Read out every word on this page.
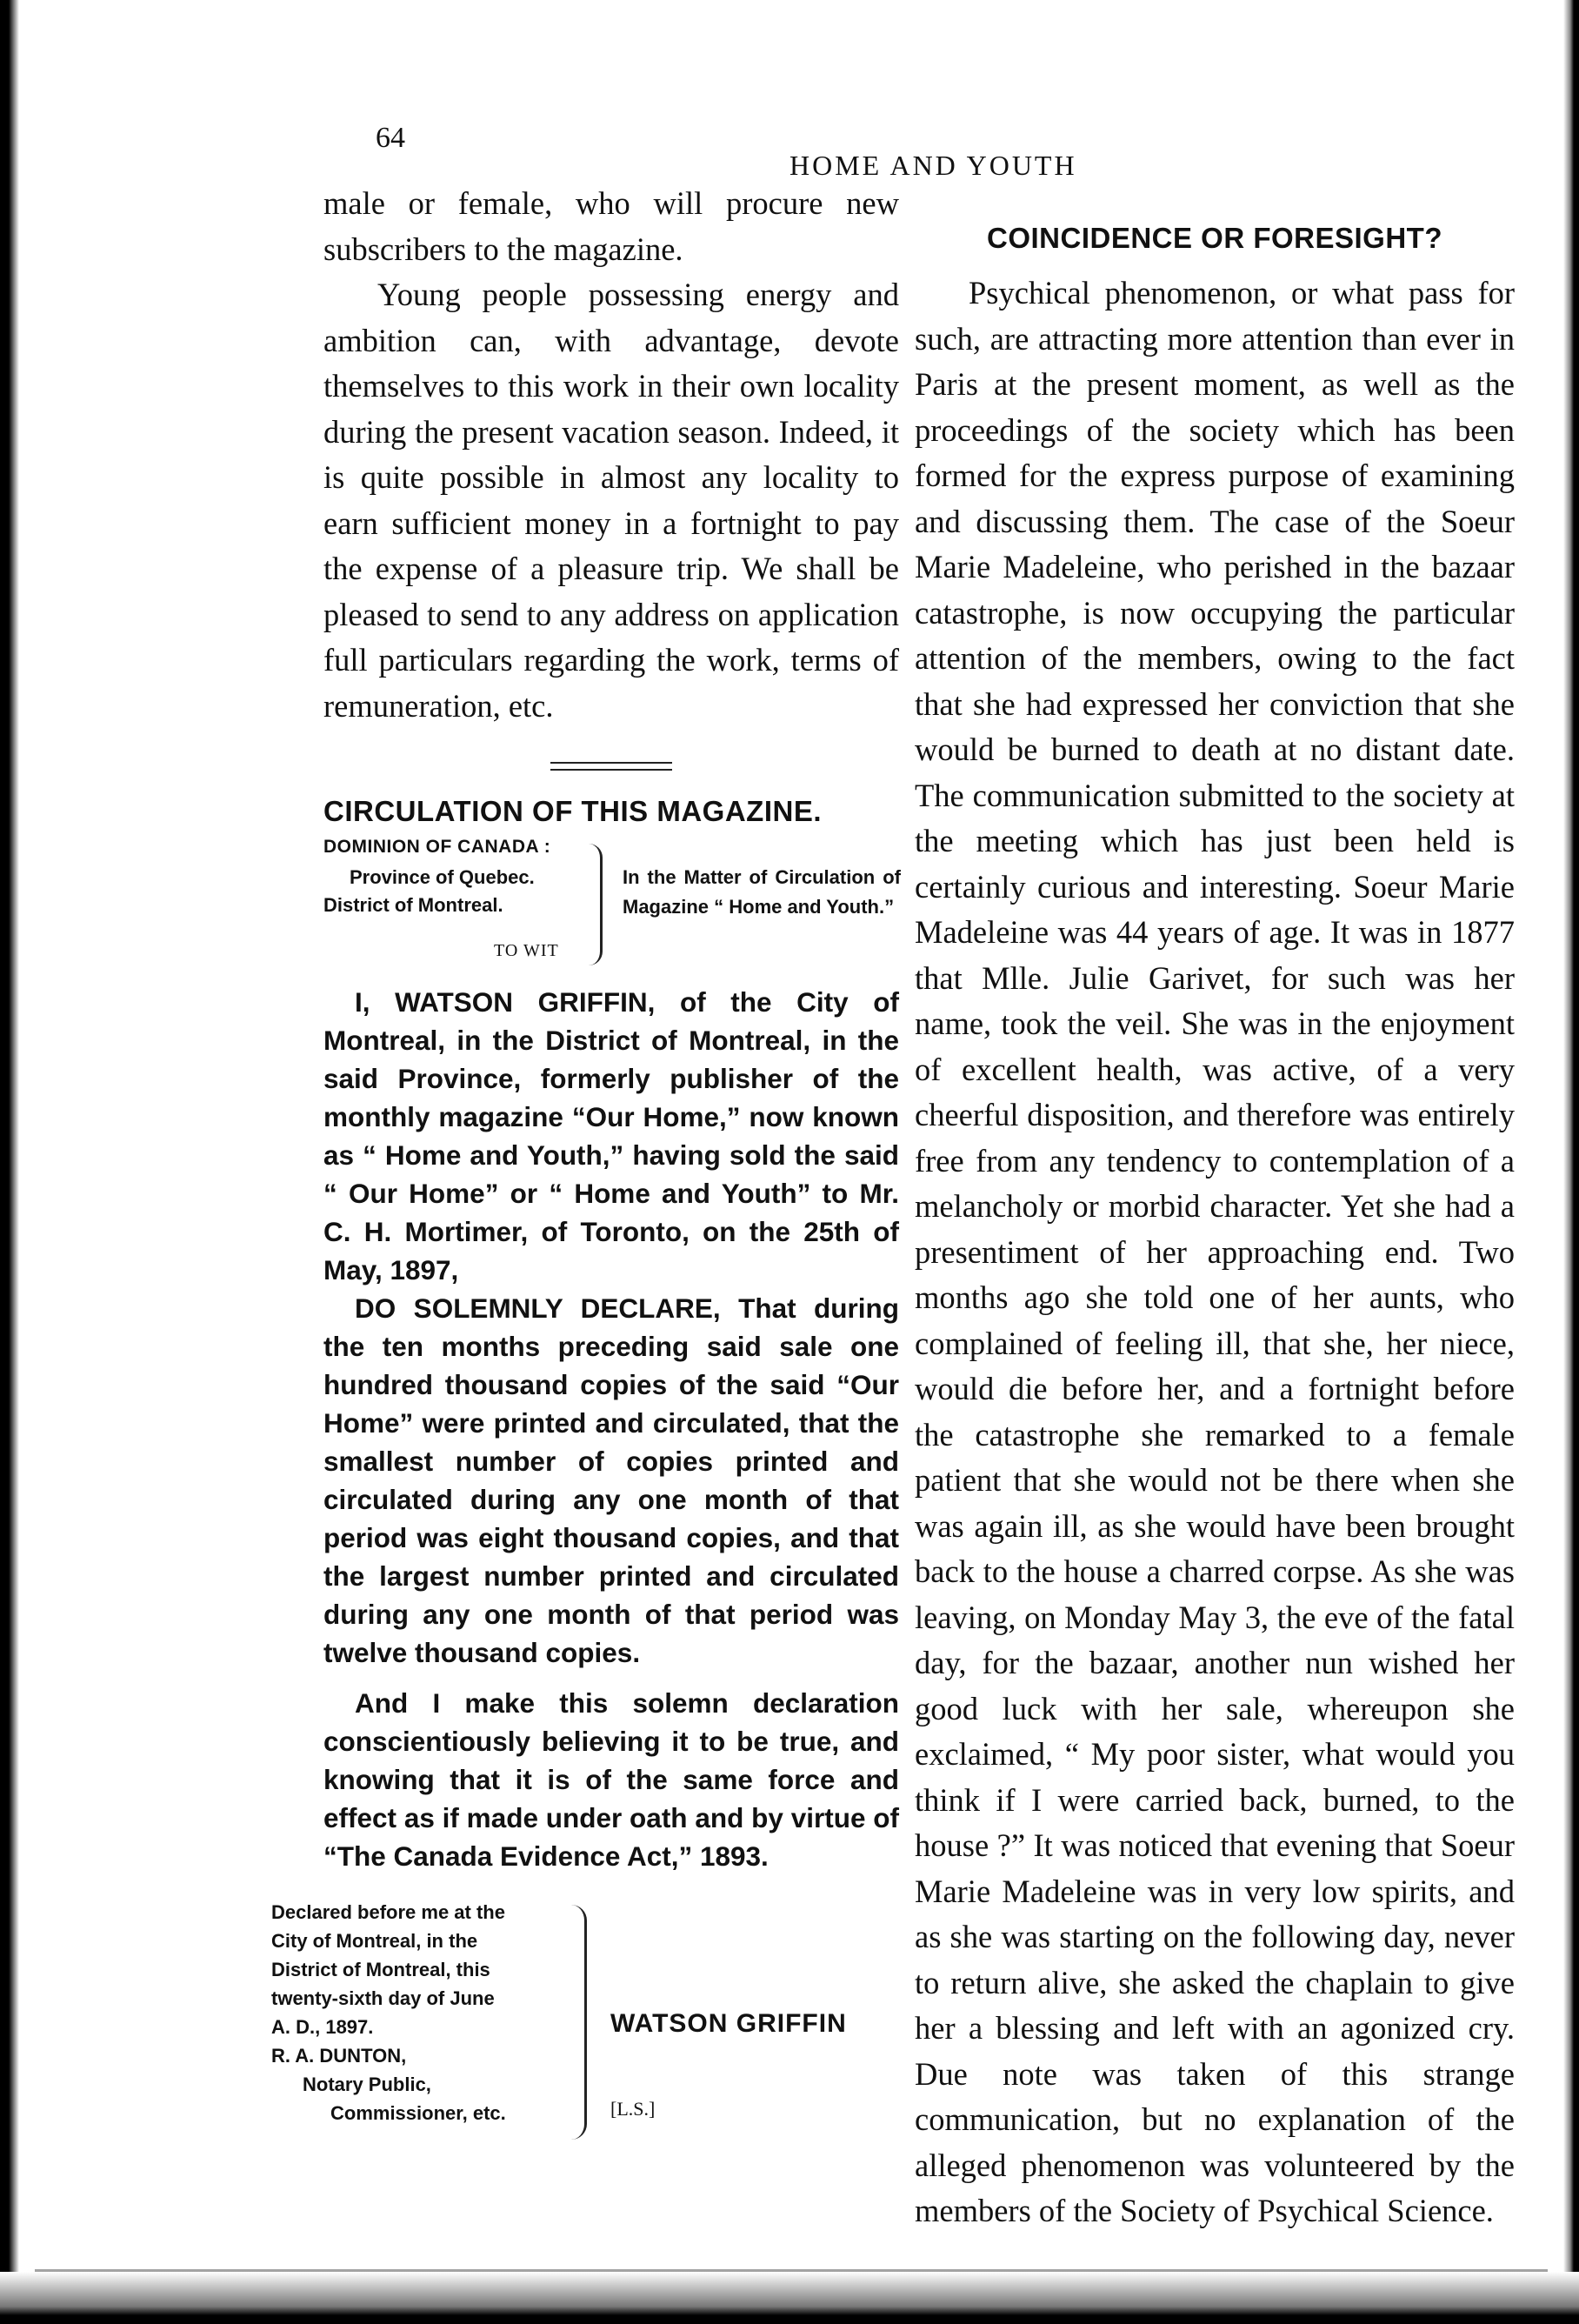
64
HOME AND YOUTH

male or female, who will procure new subscribers to the magazine.

Young people possessing energy and ambition can, with advantage, devote themselves to this work in their own locality during the present vacation season. Indeed, it is quite possible in almost any locality to earn sufficient money in a fortnight to pay the expense of a pleasure trip. We shall be pleased to send to any address on application full particulars regarding the work, terms of remuneration, etc.

CIRCULATION OF THIS MAGAZINE.
DOMINION OF CANADA :
Province of Quebec.
District of Montreal.
TO WIT
In the Matter of Circulation of Magazine “ Home and Youth.”

I, WATSON GRIFFIN, of the City of Montreal, in the District of Montreal, in the said Province, formerly publisher of the monthly magazine “Our Home,” now known as “ Home and Youth,” having sold the said “ Our Home” or “ Home and Youth” to Mr. C. H. Mortimer, of Toronto, on the 25th of May, 1897,

DO SOLEMNLY DECLARE, That during the ten months preceding said sale one hundred thousand copies of the said “Our Home” were printed and circulated, that the smallest number of copies printed and circulated during any one month of that period was eight thousand copies, and that the largest number printed and circulated during any one month of that period was twelve thousand copies.

And I make this solemn declaration conscientiously believing it to be true, and knowing that it is of the same force and effect as if made under oath and by virtue of “The Canada Evidence Act,” 1893.

Declared before me at the
City of Montreal, in the
District of Montreal, this
twenty-sixth day of June
A. D., 1897.
R. A. DUNTON,
Notary Public,
Commissioner, etc.
WATSON GRIFFIN
[L.S.]
COINCIDENCE OR FORESIGHT?

Psychical phenomenon, or what pass for such, are attracting more attention than ever in Paris at the present moment, as well as the proceedings of the society which has been formed for the express purpose of examining and discussing them. The case of the Soeur Marie Madeleine, who perished in the bazaar catastrophe, is now occupying the particular attention of the members, owing to the fact that she had expressed her conviction that she would be burned to death at no distant date. The communication submitted to the society at the meeting which has just been held is certainly curious and interesting. Soeur Marie Madeleine was 44 years of age. It was in 1877 that Mlle. Julie Garivet, for such was her name, took the veil. She was in the enjoyment of excellent health, was active, of a very cheerful disposition, and therefore was entirely free from any tendency to contemplation of a melancholy or morbid character. Yet she had a presentiment of her approaching end. Two months ago she told one of her aunts, who complained of feeling ill, that she, her niece, would die before her, and a fortnight before the catastrophe she remarked to a female patient that she would not be there when she was again ill, as she would have been brought back to the house a charred corpse. As she was leaving, on Monday May 3, the eve of the fatal day, for the bazaar, another nun wished her good luck with her sale, whereupon she exclaimed, “ My poor sister, what would you think if I were carried back, burned, to the house ?” It was noticed that evening that Soeur Marie Madeleine was in very low spirits, and as she was starting on the following day, never to return alive, she asked the chaplain to give her a blessing and left with an agonized cry. Due note was taken of this strange communication, but no explanation of the alleged phenomenon was volunteered by the members of the Society of Psychical Science.
